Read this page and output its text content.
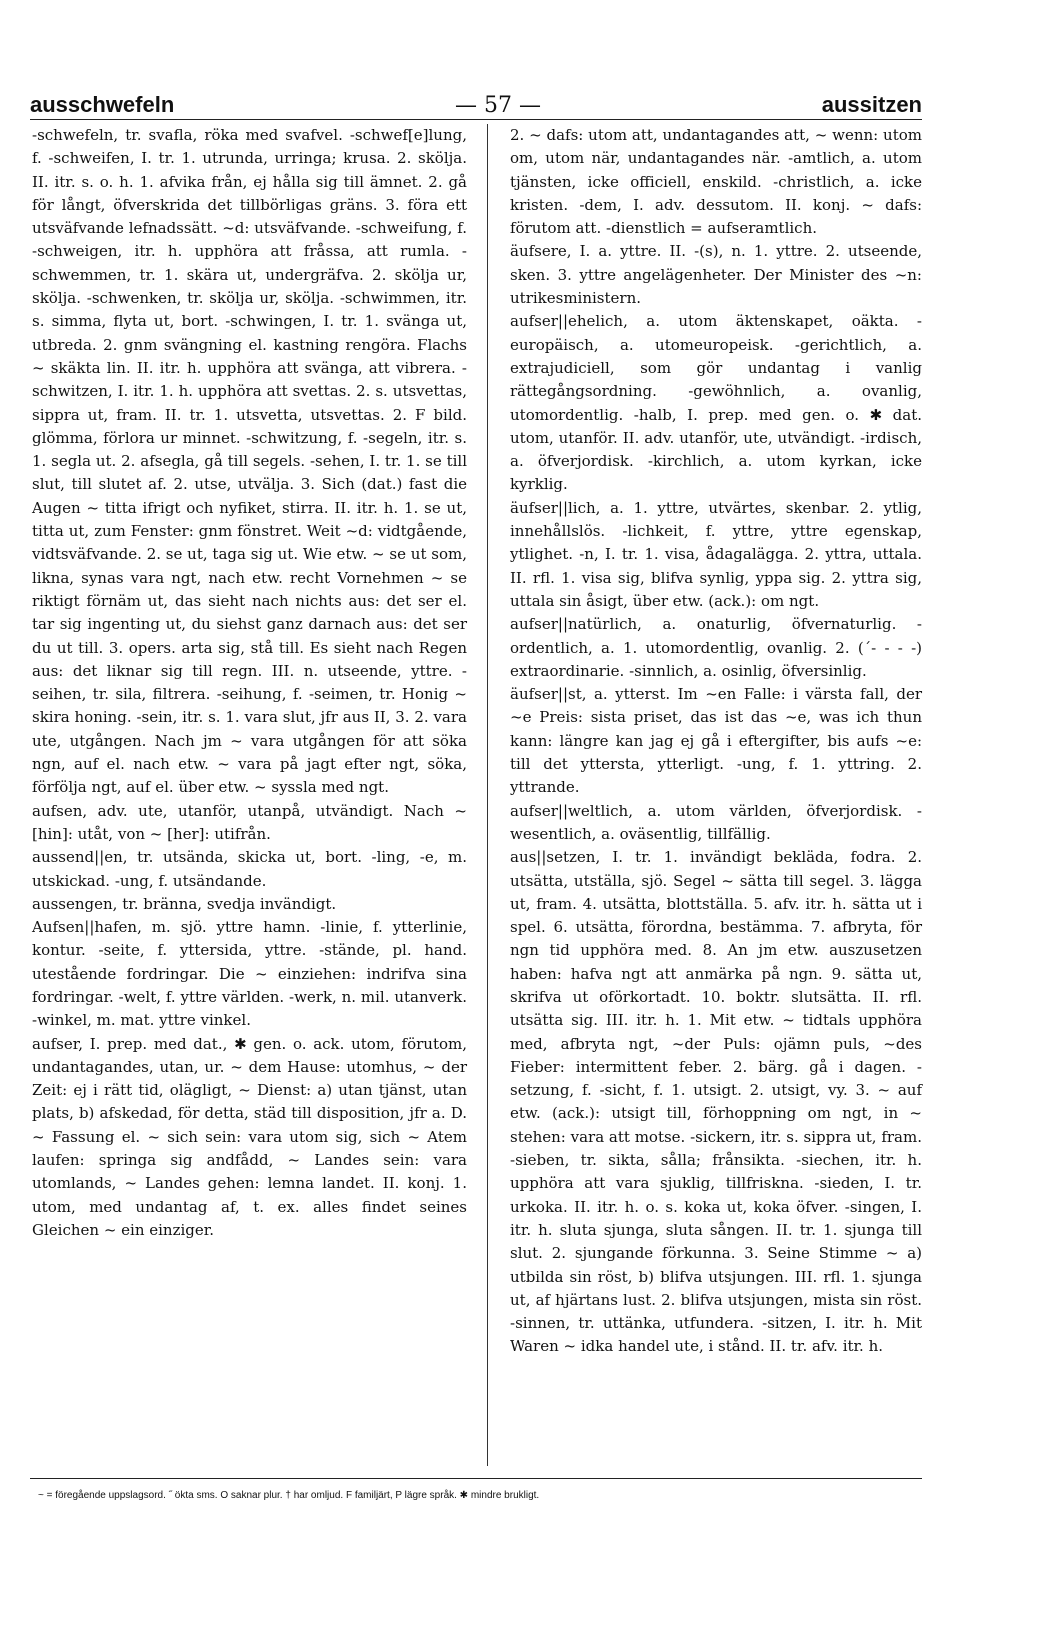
ausschwefeln	— 57 —	aussitzen

-schwefeln, tr. svafla, röka med svafvel. -schwef[e]lung, f. -schweifen, I. tr. 1. utrunda, urringa; krusa. 2. skölja. II. itr. s. o. h. 1. afvika från, ej hålla sig till ämnet. 2. gå för långt, öfverskrida det tillbörligas gräns. 3. föra ett utsväfvande lefnadssätt. ~d: utsväfvande. -schweifung, f. -schweigen, itr. h. upphöra att fråssa, att rumla. -schwemmen, tr. 1. skära ut, undergräfva. 2. skölja ur, skölja. -schwenken, tr. skölja ur, skölja. -schwimmen, itr. s. simma, flyta ut, bort. -schwingen, I. tr. 1. svänga ut, utbreda. 2. gnm svängning el. kastning rengöra. Flachs ~ skäkta lin. II. itr. h. upphöra att svänga, att vibrera. -schwitzen, I. itr. 1. h. upphöra att svettas. 2. s. utsvettas, sippra ut, fram. II. tr. 1. utsvetta, utsvettas. 2. F bild. glömma, förlora ur minnet. -schwitzung, f. -segeln, itr. s. 1. segla ut. 2. afsegla, gå till segels. -sehen, I. tr. 1. se till slut, till slutet af. 2. utse, utvälja. 3. Sich (dat.) fast die Augen ~ titta ifrigt och nyfiket, stirra. II. itr. h. 1. se ut, titta ut, zum Fenster: gnm fönstret. Weit ~d: vidtgående, vidtsväfvande. 2. se ut, taga sig ut. Wie etw. ~ se ut som, likna, synas vara ngt, nach etw. recht Vornehmen ~ se riktigt förnäm ut, das sieht nach nichts aus: det ser el. tar sig ingenting ut, du siehst ganz darnach aus: det ser du ut till. 3. opers. arta sig, stå till. Es sieht nach Regen aus: det liknar sig till regn. III. n. utseende, yttre. -seihen, tr. sila, filtrera. -seihung, f. -seimen, tr. Honig ~ skira honing. -sein, itr. s. 1. vara slut, jfr aus II, 3. 2. vara ute, utgången. Nach jm ~ vara utgången för att söka ngn, auf el. nach etw. ~ vara på jagt efter ngt, söka, förfölja ngt, auf el. über etw. ~ syssla med ngt.

aufsen, adv. ute, utanför, utanpå, utvändigt. Nach ~ [hin]: utåt, von ~ [her]: utifrån.

aussend||en, tr. utsända, skicka ut, bort. -ling, -e, m. utskickad. -ung, f. utsändande.

aussengen, tr. bränna, svedja invändigt.

Aufsen||hafen, m. sjö. yttre hamn. -linie, f. ytterlinie, kontur. -seite, f. yttersida, yttre. -stände, pl. hand. utestående fordringar. Die ~ einziehen: indrifva sina fordringar. -welt, f. yttre världen. -werk, n. mil. utanverk. -winkel, m. mat. yttre vinkel.

aufser, I. prep. med dat., ✱ gen. o. ack. utom, förutom, undantagandes, utan, ur. ~ dem Hause: utomhus, ~ der Zeit: ej i rätt tid, olägligt, ~ Dienst: a) utan tjänst, utan plats, b) afskedad, för detta, städ till disposition, jfr a. D. ~ Fassung el. ~ sich sein: vara utom sig, sich ~ Atem laufen: springa sig andfådd, ~ Landes sein: vara utomlands, ~ Landes gehen: lemna landet. II. konj. 1. utom, med undantag af, t. ex. alles findet seines Gleichen ~ ein einziger.

2. ~ dafs: utom att, undantagandes att, ~ wenn: utom om, utom när, undantagandes när. -amtlich, a. utom tjänsten, icke officiell, enskild. -christlich, a. icke kristen. -dem, I. adv. dessutom. II. konj. ~ dafs: förutom att. -dienstlich = aufseramtlich.

äufsere, I. a. yttre. II. -(s), n. 1. yttre. 2. utseende, sken. 3. yttre angelägenheter. Der Minister des ~n: utrikesministern.

aufser||ehelich, a. utom äktenskapet, oäkta. -europäisch, a. utomeuropeisk. -gerichtlich, a. extrajudiciell, som gör undantag i vanlig rättegångsordning. -gewöhnlich, a. ovanlig, utomordentlig. -halb, I. prep. med gen. o. ✱ dat. utom, utanför. II. adv. utanför, ute, utvändigt. -irdisch, a. öfverjordisk. -kirchlich, a. utom kyrkan, icke kyrklig.

äufser||lich, a. 1. yttre, utvärtes, skenbar. 2. ytlig, innehållslös. -lichkeit, f. yttre, yttre egenskap, ytlighet. -n, I. tr. 1. visa, ådagalägga. 2. yttra, uttala. II. rfl. 1. visa sig, blifva synlig, yppa sig. 2. yttra sig, uttala sin åsigt, über etw. (ack.): om ngt.

aufser||natürlich, a. onaturlig, öfvernaturlig. -ordentlich, a. 1. utomordentlig, ovanlig. 2. (´- - - -) extraordinarie. -sinnlich, a. osinlig, öfversinlig.

äufser||st, a. ytterst. Im ~en Falle: i värsta fall, der ~e Preis: sista priset, das ist das ~e, was ich thun kann: längre kan jag ej gå i eftergifter, bis aufs ~e: till det yttersta, ytterligt. -ung, f. 1. yttring. 2. yttrande.

aufser||weltlich, a. utom världen, öfverjordisk. -wesentlich, a. oväsentlig, tillfällig.

aus||setzen, I. tr. 1. invändigt bekläda, fodra. 2. utsätta, utställa, sjö. Segel ~ sätta till segel. 3. lägga ut, fram. 4. utsätta, blottställa. 5. afv. itr. h. sätta ut i spel. 6. utsätta, förordna, bestämma. 7. afbryta, för ngn tid upphöra med. 8. An jm etw. auszusetzen haben: hafva ngt att anmärka på ngn. 9. sätta ut, skrifva ut oförkortadt. 10. boktr. slutsätta. II. rfl. utsätta sig. III. itr. h. 1. Mit etw. ~ tidtals upphöra med, afbryta ngt, ~der Puls: ojämn puls, ~des Fieber: intermittent feber. 2. bärg. gå i dagen. -setzung, f. -sicht, f. 1. utsigt. 2. utsigt, vy. 3. ~ auf etw. (ack.): utsigt till, förhoppning om ngt, in ~ stehen: vara att motse. -sickern, itr. s. sippra ut, fram. -sieben, tr. sikta, sålla; frånsikta. -siechen, itr. h. upphöra att vara sjuklig, tillfriskna. -sieden, I. tr. urkoka. II. itr. h. o. s. koka ut, koka öfver. -singen, I. itr. h. sluta sjunga, sluta sången. II. tr. 1. sjunga till slut. 2. sjungande förkunna. 3. Seine Stimme ~ a) utbilda sin röst, b) blifva utsjungen. III. rfl. 1. sjunga ut, af hjärtans lust. 2. blifva utsjungen, mista sin röst. -sinnen, tr. uttänka, utfundera. -sitzen, I. itr. h. Mit Waren ~ idka handel ute, i stånd. II. tr. afv. itr. h.

~ = föregående uppslagsord. ˝ ökta sms. O saknar plur. † har omljud. F familjärt, P lägre språk. ✱ mindre brukligt.
